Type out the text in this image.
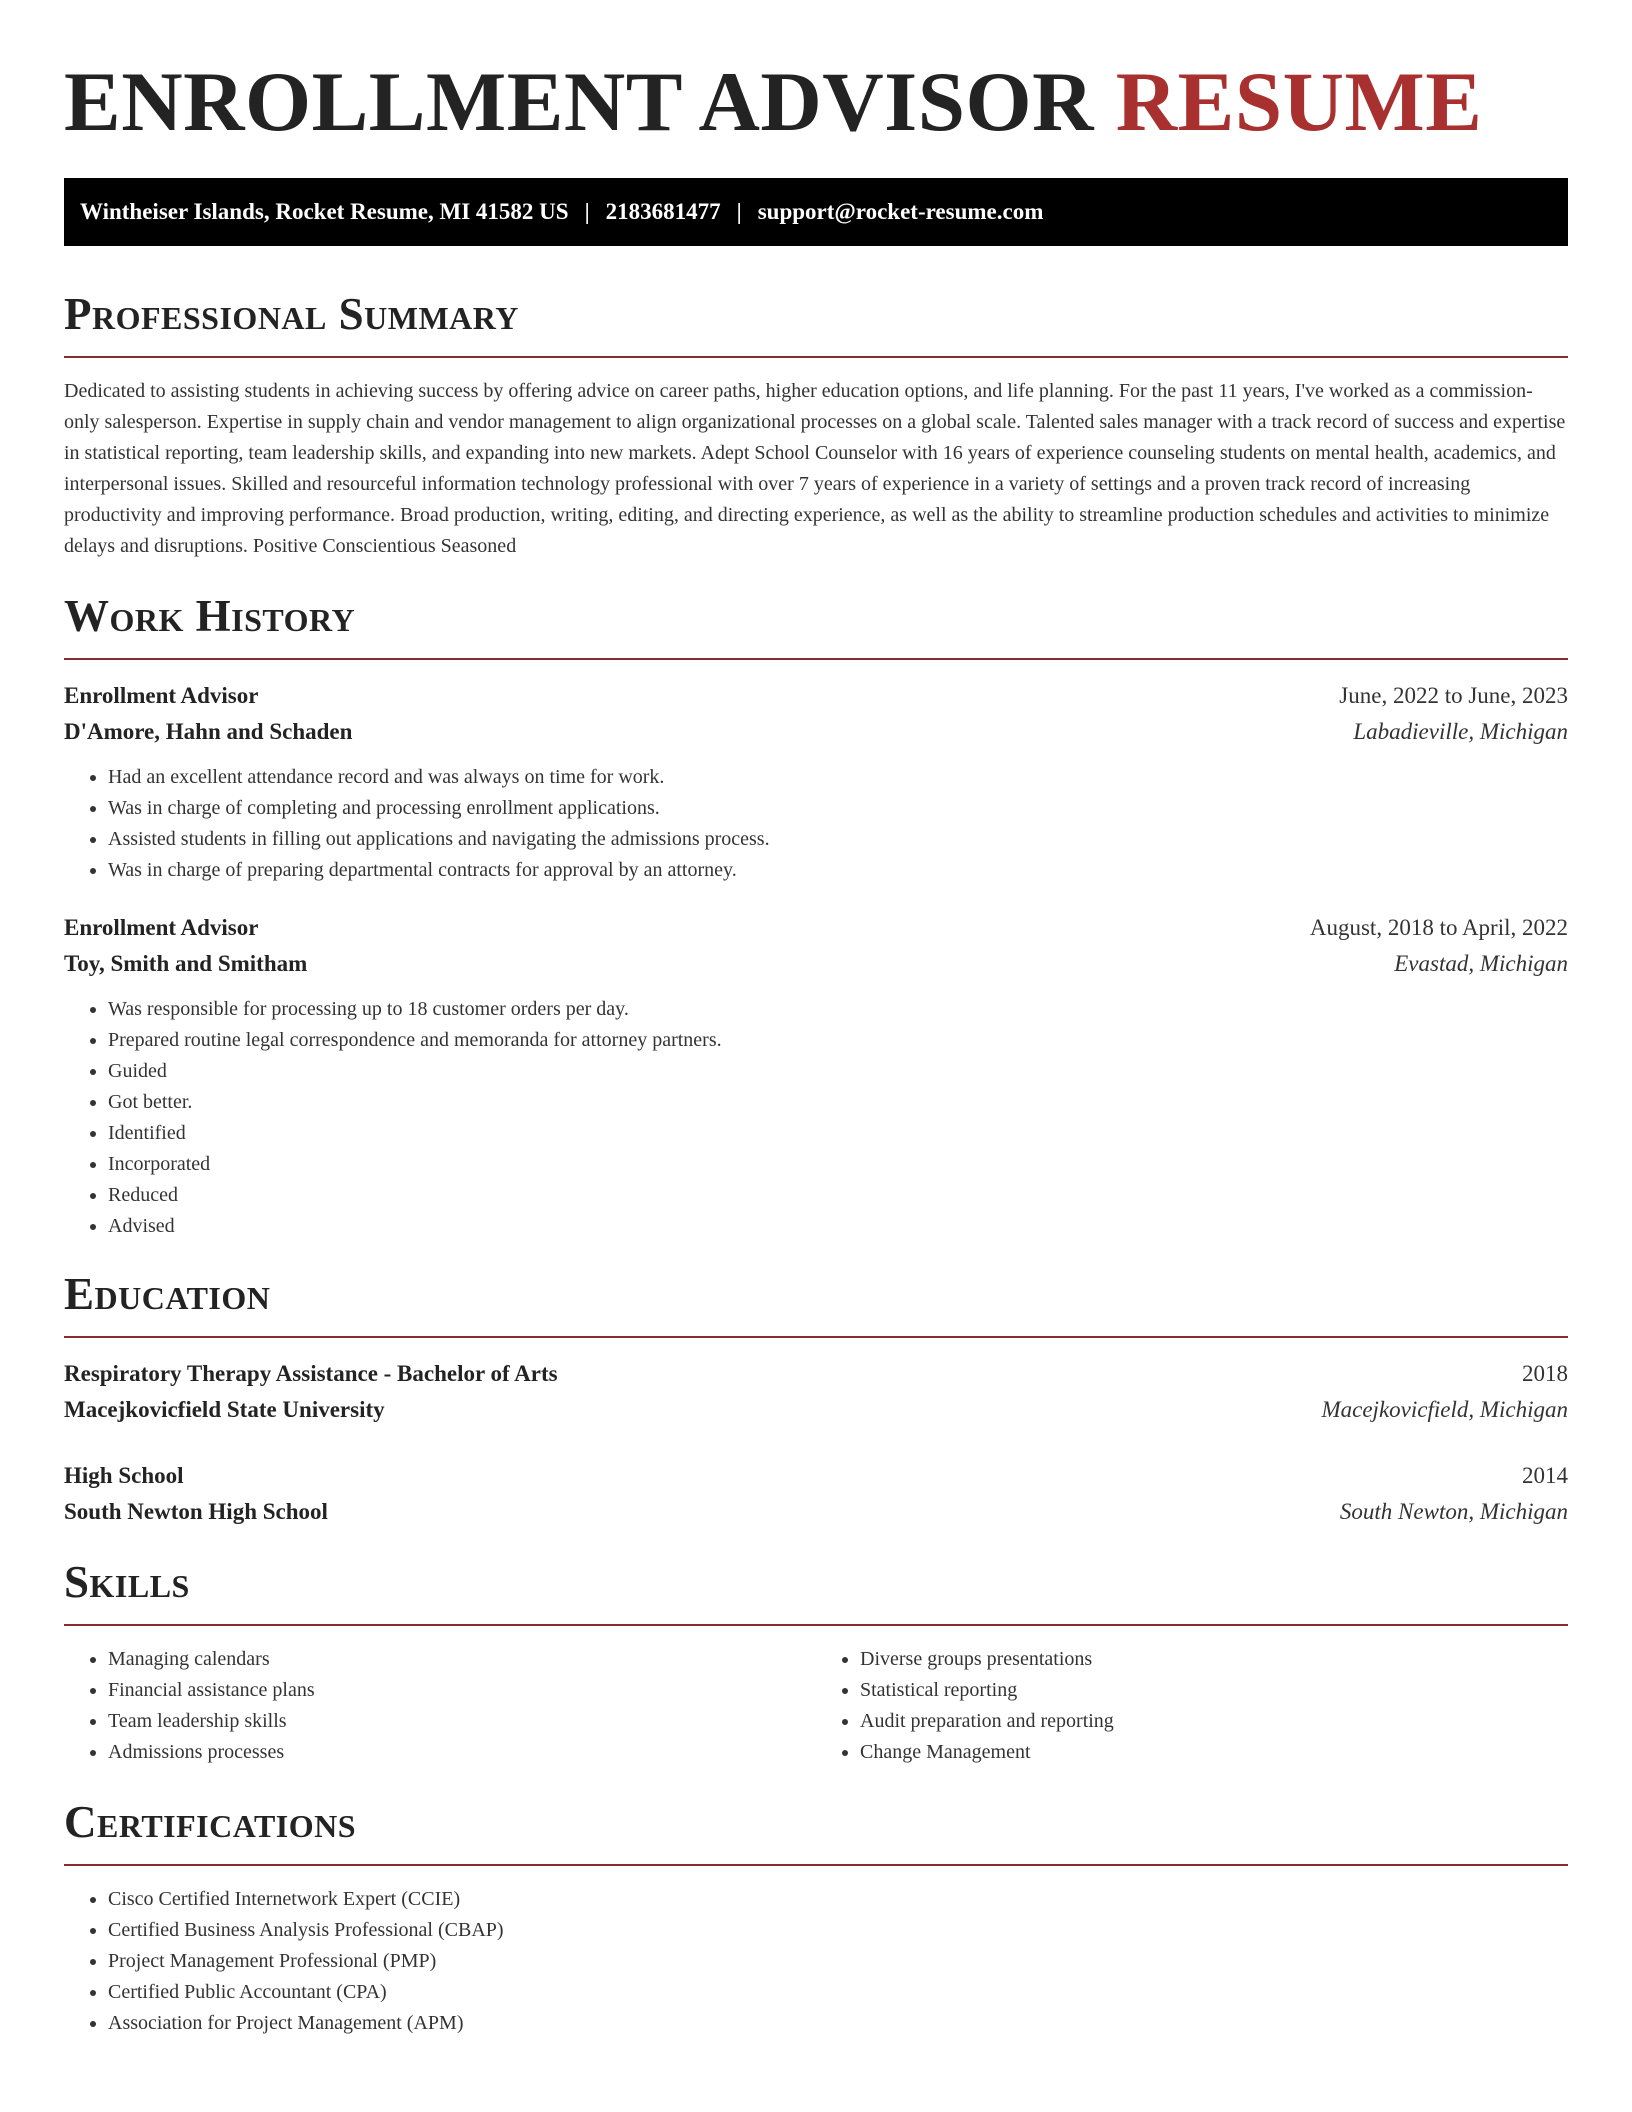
ENROLLMENT ADVISOR RESUME
Wintheiser Islands, Rocket Resume, MI 41582 US | 2183681477 | support@rocket-resume.com
Professional Summary

Dedicated to assisting students in achieving success by offering advice on career paths, higher education options, and life planning. For the past 11 years, I've worked as a commission-only salesperson. Expertise in supply chain and vendor management to align organizational processes on a global scale. Talented sales manager with a track record of success and expertise in statistical reporting, team leadership skills, and expanding into new markets. Adept School Counselor with 16 years of experience counseling students on mental health, academics, and interpersonal issues. Skilled and resourceful information technology professional with over 7 years of experience in a variety of settings and a proven track record of increasing productivity and improving performance. Broad production, writing, editing, and directing experience, as well as the ability to streamline production schedules and activities to minimize delays and disruptions. Positive Conscientious Seasoned

Work History
Enrollment Advisor	June, 2022 to June, 2023
D'Amore, Hahn and Schaden	Labadieville, Michigan
• Had an excellent attendance record and was always on time for work.
• Was in charge of completing and processing enrollment applications.
• Assisted students in filling out applications and navigating the admissions process.
• Was in charge of preparing departmental contracts for approval by an attorney.
Enrollment Advisor	August, 2018 to April, 2022
Toy, Smith and Smitham	Evastad, Michigan
• Was responsible for processing up to 18 customer orders per day.
• Prepared routine legal correspondence and memoranda for attorney partners.
• Guided
• Got better.
• Identified
• Incorporated
• Reduced
• Advised
Education
Respiratory Therapy Assistance - Bachelor of Arts	2018
Macejkovicfield State University	Macejkovicfield, Michigan
High School	2014
South Newton High School	South Newton, Michigan
Skills
• Managing calendars
• Financial assistance plans
• Team leadership skills
• Admissions processes
• Diverse groups presentations
• Statistical reporting
• Audit preparation and reporting
• Change Management
Certifications
• Cisco Certified Internetwork Expert (CCIE)
• Certified Business Analysis Professional (CBAP)
• Project Management Professional (PMP)
• Certified Public Accountant (CPA)
• Association for Project Management (APM)
